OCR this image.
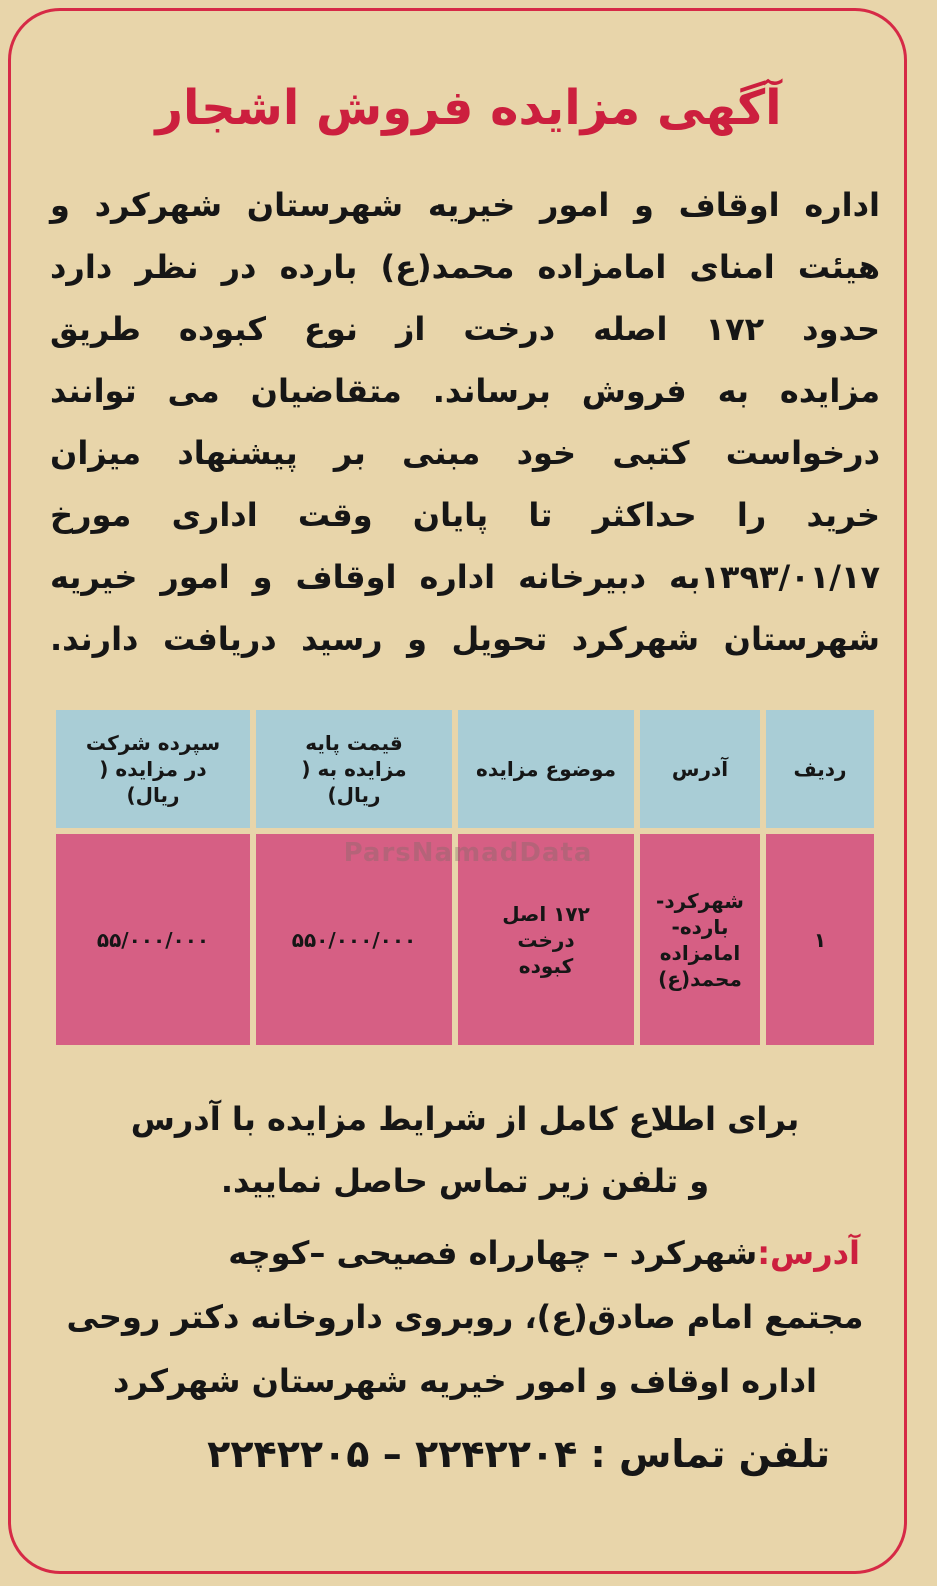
آگهی مزایده فروش اشجار
اداره اوقاف و امور خیریه شهرستان شهرکرد و
هیئت امنای امامزاده محمد(ع) بارده در نظر دارد
حدود ۱۷۲ اصله درخت از نوع کبوده طریق
مزایده به فروش برساند. متقاضیان می توانند
درخواست کتبی خود مبنی بر پیشنهاد میزان
خرید را حداکثر تا پایان وقت اداری مورخ
۱۳۹۳/۰۱/۱۷به دبیرخانه اداره اوقاف و امور خیریه
شهرستان شهرکرد تحویل و رسید دریافت دارند.
ردیف
آدرس
موضوع مزایده
قیمت پایه مزایده به ( ریال)
سپرده شرکت در مزایده ( ریال)
۱
شهرکرد- بارده- امامزاده محمد(ع)
۱۷۲ اصل درخت کبوده
۵۵۰/۰۰۰/۰۰۰
۵۵/۰۰۰/۰۰۰
ParsNamadData
برای اطلاع کامل از شرایط مزایده با آدرس
و تلفن زیر تماس حاصل نمایید.
آدرس:شهرکرد – چهارراه فصیحی –کوچه
مجتمع امام صادق(ع)، روبروی داروخانه دکتر روحی
اداره اوقاف و امور خیریه شهرستان شهرکرد
تلفن تماس : ۲۲۴۲۲۰۴ – ۲۲۴۲۲۰۵
